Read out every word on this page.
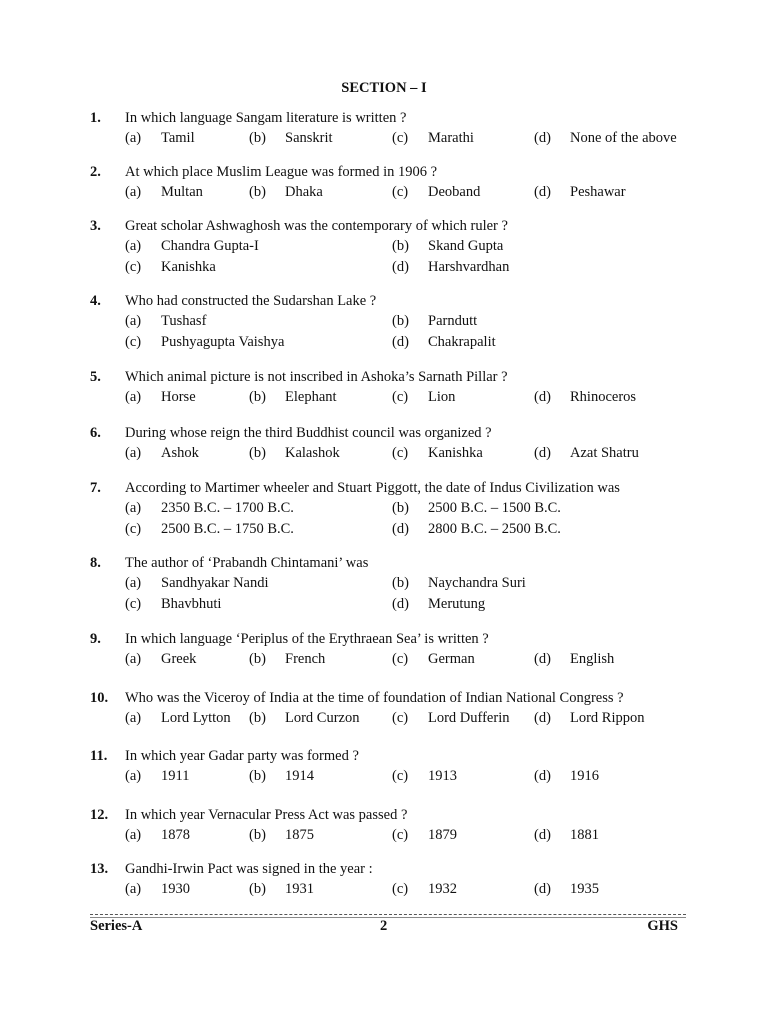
SECTION – I
1. In which language Sangam literature is written ?
(a) Tamil	(b) Sanskrit	(c) Marathi	(d) None of the above
2. At which place Muslim League was formed in 1906 ?
(a) Multan	(b) Dhaka	(c) Deoband	(d) Peshawar
3. Great scholar Ashwaghosh was the contemporary of which ruler ?
(a) Chandra Gupta-I	(b) Skand Gupta
(c) Kanishka	(d) Harshvardhan
4. Who had constructed the Sudarshan Lake ?
(a) Tushasf	(b) Parndutt
(c) Pushyagupta Vaishya	(d) Chakrapalit
5. Which animal picture is not inscribed in Ashoka’s Sarnath Pillar ?
(a) Horse	(b) Elephant	(c) Lion	(d) Rhinoceros
6. During whose reign the third Buddhist council was organized ?
(a) Ashok	(b) Kalashok	(c) Kanishka	(d) Azat Shatru
7. According to Martimer wheeler and Stuart Piggott, the date of Indus Civilization was
(a) 2350 B.C. – 1700 B.C.	(b) 2500 B.C. – 1500 B.C.
(c) 2500 B.C. – 1750 B.C.	(d) 2800 B.C. – 2500 B.C.
8. The author of ‘Prabandh Chintamani’ was
(a) Sandhyakar Nandi	(b) Naychandra Suri
(c) Bhavbhuti	(d) Merutung
9. In which language ‘Periplus of the Erythraean Sea’ is written ?
(a) Greek	(b) French	(c) German	(d) English
10. Who was the Viceroy of India at the time of foundation of Indian National Congress ?
(a) Lord Lytton (b) Lord Curzon (c) Lord Dufferin (d) Lord Rippon
11. In which year Gadar party was formed ?
(a) 1911	(b) 1914	(c) 1913	(d) 1916
12. In which year Vernacular Press Act was passed ?
(a) 1878	(b) 1875	(c) 1879	(d) 1881
13. Gandhi-Irwin Pact was signed in the year :
(a) 1930	(b) 1931	(c) 1932	(d) 1935
Series-A	2	GHS
